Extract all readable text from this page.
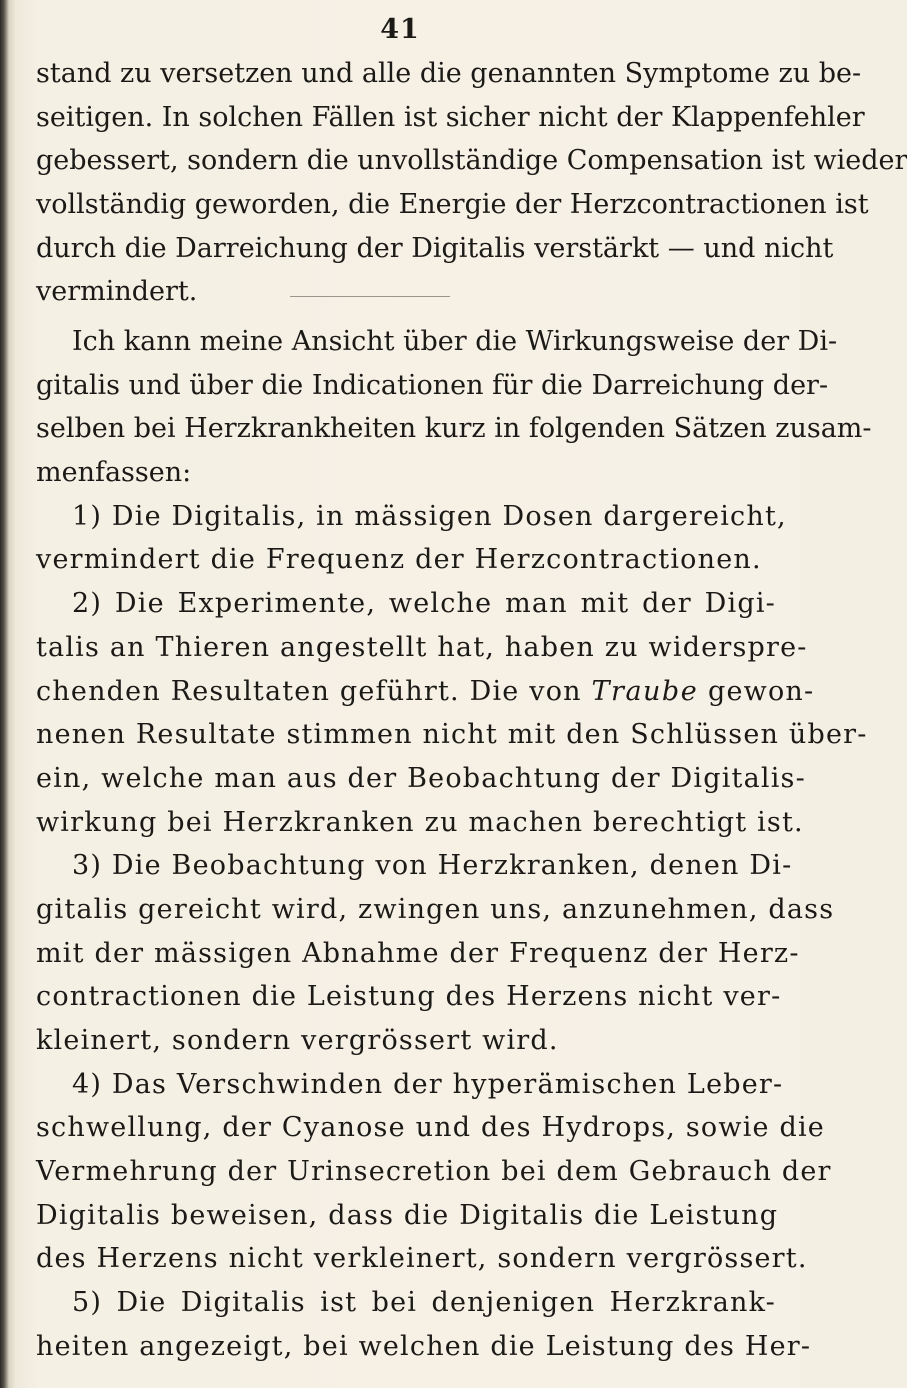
41
stand zu versetzen und alle die genannten Symptome zu be-
seitigen. In solchen Fällen ist sicher nicht der Klappenfehler
gebessert, sondern die unvollständige Compensation ist wieder
vollständig geworden, die Energie der Herzcontractionen ist
durch die Darreichung der Digitalis verstärkt — und nicht
vermindert.
Ich kann meine Ansicht über die Wirkungsweise der Di-
gitalis und über die Indicationen für die Darreichung der-
selben bei Herzkrankheiten kurz in folgenden Sätzen zusam-
menfassen:
1) Die Digitalis, in mässigen Dosen dargereicht,
vermindert die Frequenz der Herzcontractionen.
2) Die Experimente, welche man mit der Digi-
talis an Thieren angestellt hat, haben zu widerspre-
chenden Resultaten geführt. Die von Traube gewon-
nenen Resultate stimmen nicht mit den Schlüssen über-
ein, welche man aus der Beobachtung der Digitalis-
wirkung bei Herzkranken zu machen berechtigt ist.
3) Die Beobachtung von Herzkranken, denen Di-
gitalis gereicht wird, zwingen uns, anzunehmen, dass
mit der mässigen Abnahme der Frequenz der Herz-
contractionen die Leistung des Herzens nicht ver-
kleinert, sondern vergrössert wird.
4) Das Verschwinden der hyperämischen Leber-
schwellung, der Cyanose und des Hydrops, sowie die
Vermehrung der Urinsecretion bei dem Gebrauch der
Digitalis beweisen, dass die Digitalis die Leistung
des Herzens nicht verkleinert, sondern vergrössert.
5) Die Digitalis ist bei denjenigen Herzkrank-
heiten angezeigt, bei welchen die Leistung des Her-
